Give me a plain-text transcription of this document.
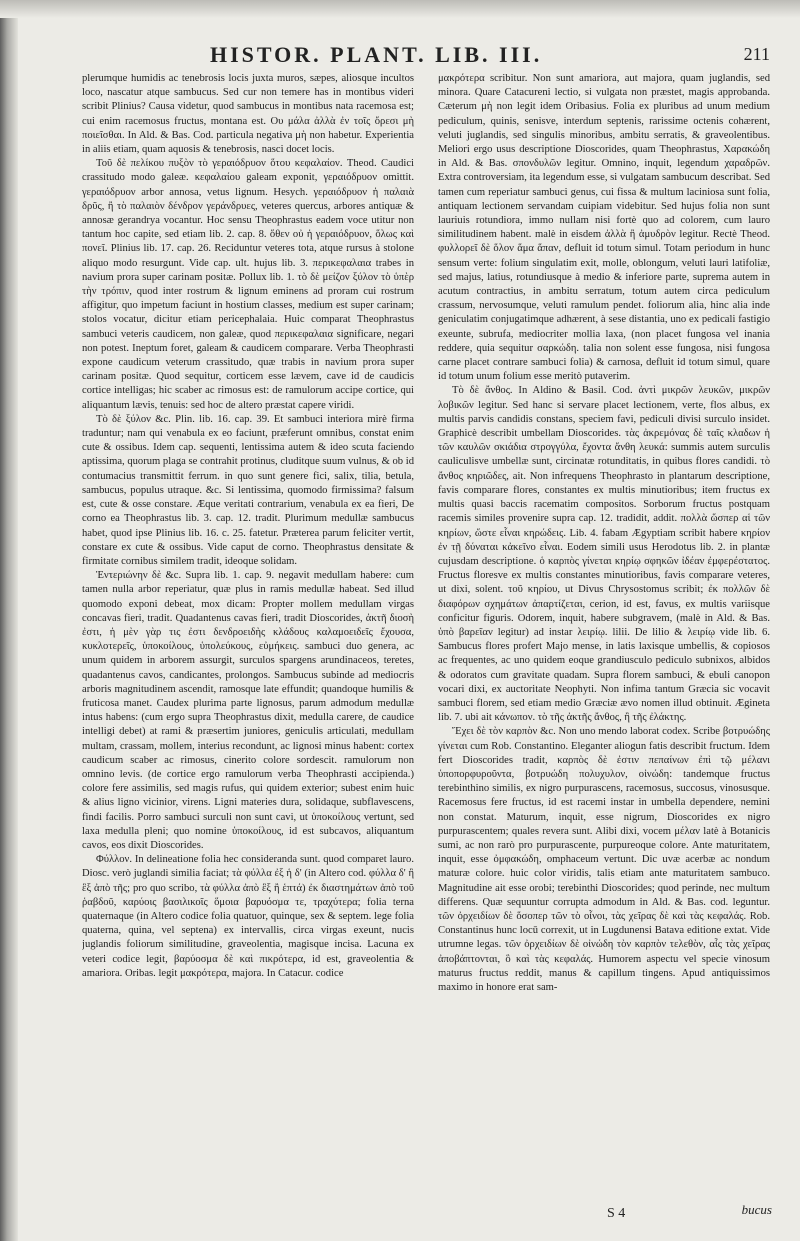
HISTOR. PLANT. LIB. III.	211

plerumque humidis ac tenebrosis locis juxta muros, sæpes, aliosque incultos loco, nascatur atque sambucus. Sed cur non temere has in montibus videri scribit Plinius? Causa videtur, quod sambucus in montibus nata racemosa est; cui enim racemosus fructus, montana est. Ου μάλα ἀλλὰ ἐν τοῖς ὄρεσι μὴ ποιεῖσθαι. In Ald. & Bas. Cod. particula negativa μὴ non habetur. Experientia in aliis etiam, quam aquosis & tenebrosis, nasci docet locis.

Τοῦ δὲ πελίκου πυξὸν τὸ γεραιόδρυον ὅτου κεφαλαίον. Theod. Caudici crassitudo modo galeæ. κεφαλαίου galeam exponit, γεραιόδρυον omittit. γεραιόδρυον arbor annosa, vetus lignum. Hesych. γεραιόδρυον ἡ παλαιὰ δρῦς, ἢ τὸ παλαιὸν δένδρον γεράνδρυες, veteres quercus, arbores antiquæ & annosæ gerandrya vocantur. Hoc sensu Theophrastus eadem voce utitur non tantum hoc capite, sed etiam lib. 2. cap. 8. ὅθεν οὐ ἡ γεραιόδρυον, ὅλως καὶ πονεῖ. Plinius lib. 17. cap. 26. Reciduntur veteres tota, atque rursus à stolone aliquo modo resurgunt. Vide cap. ult. hujus lib. 3. περικεφαλαια trabes in navium prora super carinam positæ. Pollux lib. 1. τὸ δὲ μείζον ξύλον τὸ ὑπὲρ τὴν τρόπιν, quod inter rostrum & lignum eminens ad proram cui rostrum affigitur, quo impetum faciunt in hostium classes, medium est super carinam; stolos vocatur, dicitur etiam pericephalaia. Huic comparat Theophrastus sambuci veteris caudicem, non galeæ, quod περικεφαλαια significare, negari non potest. Ineptum foret, galeam & caudicem comparare. Verba Theophrasti expone caudicum veterum crassitudo, quæ trabis in navium prora super carinam positæ. Quod sequitur, corticem esse lævem, cave id de caudicis cortice intelligas; hic scaber ac rimosus est: de ramulorum accipe cortice, qui aliquantum lævis, tenuis: sed hoc de altero præstat capere viridi.

Τὸ δὲ ξύλον &c. Plin. lib. 16. cap. 39. Et sambuci interiora mirè firma traduntur; nam qui venabula ex eo faciunt, præferunt omnibus, constat enim cute & ossibus. Idem cap. sequenti, lentissima autem & ideo scuta faciendo aptissima, quorum plaga se contrahit protinus, cluditque suum vulnus, & ob id contumacius transmittit ferrum. in quo sunt genere fici, salix, tilia, betula, sambucus, populus utraque. &c. Si lentissima, quomodo firmissima? falsum est, cute & osse constare. Æque veritati contrarium, venabula ex ea fieri, De corno ea Theophrastus lib. 3. cap. 12. tradit. Plurimum medullæ sambucus habet, quod ipse Plinius lib. 16. c. 25. fatetur. Præterea parum feliciter vertit, constare ex cute & ossibus. Vide caput de corno. Theophrastus densitate & firmitate cornibus similem tradit, ideoque solidam.

Ἐντεριώνην δὲ &c. Supra lib. 1. cap. 9. negavit medullam habere: cum tamen nulla arbor reperiatur, quæ plus in ramis medullæ habeat. Sed illud quomodo exponi debeat, mox dicam: Propter mollem medullam virgas concavas fieri, tradit. Quadantenus cavas fieri, tradit Dioscorides, ἀκτῆ διοσὴ ἐστι, ἡ μὲν γὰρ τις ἐστι δενδροειδὴς κλάδους καλαμοειδεῖς ἔχουσα, κυκλοτερεῖς, ὑποκοίλους, ὑπολεύκους, εὐμήκεις. sambuci duo genera, ac unum quidem in arborem assurgit, surculos spargens arundinaceos, teretes, quadantenus cavos, candicantes, prolongos. Sambucus subinde ad mediocris arboris magnitudinem ascendit, ramosque late effundit; quandoque humilis & fruticosa manet. Caudex plurima parte lignosus, parum admodum medullæ intus habens: (cum ergo supra Theophrastus dixit, medulla carere, de caudice intelligi debet) at rami & præsertim juniores, geniculis articulati, medullam multam, crassam, mollem, interius recondunt, ac lignosi minus habent: cortex caudicum scaber ac rimosus, cinerito colore sordescit. ramulorum non omnino levis. (de cortice ergo ramulorum verba Theophrasti accipienda.) colore fere assimilis, sed magis rufus, qui quidem exterior; subest enim huic & alius ligno vicinior, virens. Ligni materies dura, solidaque, subflavescens, findi facilis. Porro sambuci surculi non sunt cavi, ut ὑποκοίλους vertunt, sed laxa medulla pleni; quo nomine ὑποκοίλους, id est subcavos, aliquantum cavos, eos dixit Dioscorides.

Φύλλον. In delineatione folia hec consideranda sunt. quod comparet lauro. Diosc. verò juglandi similia faciat; τὰ φύλλα ἐξ ἡ δ' (in Altero cod. φύλλα δ' ἢ ἓξ ἀπὸ τῆς; pro quo scribo, τὰ φύλλα ἀπὸ ἓξ ἢ ἑπτά) ἐκ διαστημάτων ἀπὸ τοῦ ῥαβδοῦ, καρύοις βασιλικοῖς ὅμοια βαρυόσμα τε, τραχύτερα; folia terna quaternaque (in Altero codice folia quatuor, quinque, sex & septem. lege folia quaterna, quina, vel septena) ex intervallis, circa virgas exeunt, nucis juglandis foliorum similitudine, graveolentia, magisque incisa. Lacuna ex veteri codice legit, βαρύοσμα δὲ καὶ πικρότερα, id est, graveolentia & amariora. Oribas. legit μακρότερα, majora. In Catacur. codice

μακρότερα scribitur. Non sunt amariora, aut majora, quam juglandis, sed minora. Quare Catacureni lectio, si vulgata non præstet, magis approbanda. Cæterum μὴ non legit idem Oribasius. Folia ex pluribus ad unum medium pediculum, quinis, senisve, interdum septenis, rarissime octenis cohærent, veluti juglandis, sed singulis minoribus, ambitu serratis, & graveolentibus. Meliori ergo usus descriptione Dioscorides, quam Theophrastus, Χαρακώδη in Ald. & Bas. σπονδυλῶν legitur. Omnino, inquit, legendum χαραδρῶν. Extra controversiam, ita legendum esse, si vulgatam sambucum describat. Sed tamen cum reperiatur sambuci genus, cui fissa & multum laciniosa sunt folia, antiquam lectionem servandam cuipiam videbitur. Sed hujus folia non sunt lauriuis rotundiora, immo nullam nisi fortè quo ad colorem, cum lauro similitudinem habent. malè in eisdem ἀλλὰ ἢ ἀμυδρὸν legitur. Rectè Theod. φυλλορεῖ δὲ ὅλον ἅμα ἅπαν, defluit id totum simul. Totam periodum in hunc sensum verte: folium singulatim exit, molle, oblongum, veluti lauri latifoliæ, sed majus, latius, rotundiusque à medio & inferiore parte, suprema autem in acutum contractius, in ambitu serratum, totum autem circa pediculum crassum, nervosumque, veluti ramulum pendet. foliorum alia, hinc alia inde geniculatim conjugatimque adhærent, à sese distantia, uno ex pedicali fastigio exeunte, subrufa, mediocriter mollia laxa, (non placet fungosa vel inania reddere, quia sequitur σαρκώδη. talia non solent esse fungosa, nisi fungosa carne placet contrare sambuci folia) & carnosa, defluit id totum simul, quare id totum unum folium esse meritò putaverim.

Τὸ δὲ ἄνθος. In Aldino & Basil. Cod. ἀντὶ μικρῶν λευκῶν, μικρῶν λοβικῶν legitur. Sed hanc si servare placet lectionem, verte, flos albus, ex multis parvis candidis constans, speciem favi, pediculi divisi surculo insidet. Graphicè describit umbellam Dioscorides. τὰς ἀκρεμόνας δὲ ταῖς κλαδων ἡ τῶν καυλῶν σκιάδια στρογγύλα, ἔχοντα ἄνθη λευκά: summis autem surculis cauliculisve umbellæ sunt, circinatæ rotunditatis, in quibus flores candidi. τὸ ἄνθος κηριῶδες, ait. Non infrequens Theophrasto in plantarum descriptione, favis comparare flores, constantes ex multis minutioribus; item fructus ex multis quasi baccis racematim compositos. Sorborum fructus postquam racemis similes provenire supra cap. 12. tradidit, addit. πολλὰ ὥσπερ αἱ τῶν κηρίων, ὥστε εἶναι κηρώδεις. Lib. 4. fabam Ægyptiam scribit habere κηρίον ἐν τῇ δύναται κἀκεῖνο εἶναι. Eodem simili usus Herodotus lib. 2. in plantæ cujusdam descriptione. ὁ καρπὸς γίνεται κηρίῳ σφηκῶν ἰδέαν ἐμφερέστατος. Fructus floresve ex multis constantes minutioribus, favis comparare veteres, ut dixi, solent. τοῦ κηρίου, ut Divus Chrysostomus scribit; ἐκ πολλῶν δὲ διαφόρων σχημάτων ἀπαρτίζεται, cerion, id est, favus, ex multis variisque conficitur figuris. Odorem, inquit, habere subgravem, (malè in Ald. & Bas. ὑπὸ βαρεῖαν legitur) ad instar λειρίῳ. lilii. De lilio & λειρίῳ vide lib. 6. Sambucus flores profert Majo mense, in latis laxisque umbellis, & copiosos ac frequentes, ac uno quidem eoque grandiusculo pediculo subnixos, albidos & odoratos cum gravitate quadam. Supra florem sambuci, & ebuli canopon vocari dixi, ex auctoritate Neophyti. Non infima tantum Græcia sic vocavit sambuci florem, sed etiam medio Græciæ ævo nomen illud obtinuit. Ægineta lib. 7. ubi ait κάνωπον. τὸ τῆς ἀκτῆς ἄνθος, ἢ τῆς ἐλάκτης.

Ἔχει δὲ τὸν καρπὸν &c. Non uno mendo laborat codex. Scribe βοτρυώδης γίνεται cum Rob. Constantino. Eleganter aliogun fatis describit fructum. Idem fert Dioscorides tradit, καρπὸς δὲ ἐστιν πεπαίνων ἐπὶ τῷ μέλανι ὑποπορφυροῦντα, βοτρυώδη πολυχυλον, οἰνώδη: tandemque fructus terebinthino similis, ex nigro purpurascens, racemosus, succosus, vinosusque. Racemosus fere fructus, id est racemi instar in umbella dependere, nemini non constat. Maturum, inquit, esse nigrum, Dioscorides ex nigro purpurascentem; quales revera sunt. Alibi dixi, vocem μέλαν latè à Botanicis sumi, ac non rarò pro purpurascente, purpureoque colore. Ante maturitatem, inquit, esse ὀμφακώδη, omphaceum vertunt. Dic uvæ acerbæ ac nondum maturæ colore. huic color viridis, talis etiam ante maturitatem sambuco. Magnitudine ait esse orobi; terebinthi Dioscorides; quod perinde, nec multum differens. Quæ sequuntur corrupta admodum in Ald. & Bas. cod. leguntur. τῶν ὀρχειδίων δὲ ὅσοπερ τῶν τὸ οἶνοι, τὰς χεῖρας δὲ καὶ τὰς κεφαλάς. Rob. Constantinus hunc locū correxit, ut in Lugdunensi Batava editione extat. Vide utrumne legas. τῶν ὀρχειδίων δὲ οἰνώδη τὸν καρπὸν τελεθὸν, αἷς τὰς χεῖρας ἀποβάπτονται, ὃ καὶ τὰς κεφαλάς. Humorem aspectu vel specie vinosum maturus fructus reddit, manus & capillum tingens. Apud antiquissimos maximo in honore erat sam-

S 4	bucus
